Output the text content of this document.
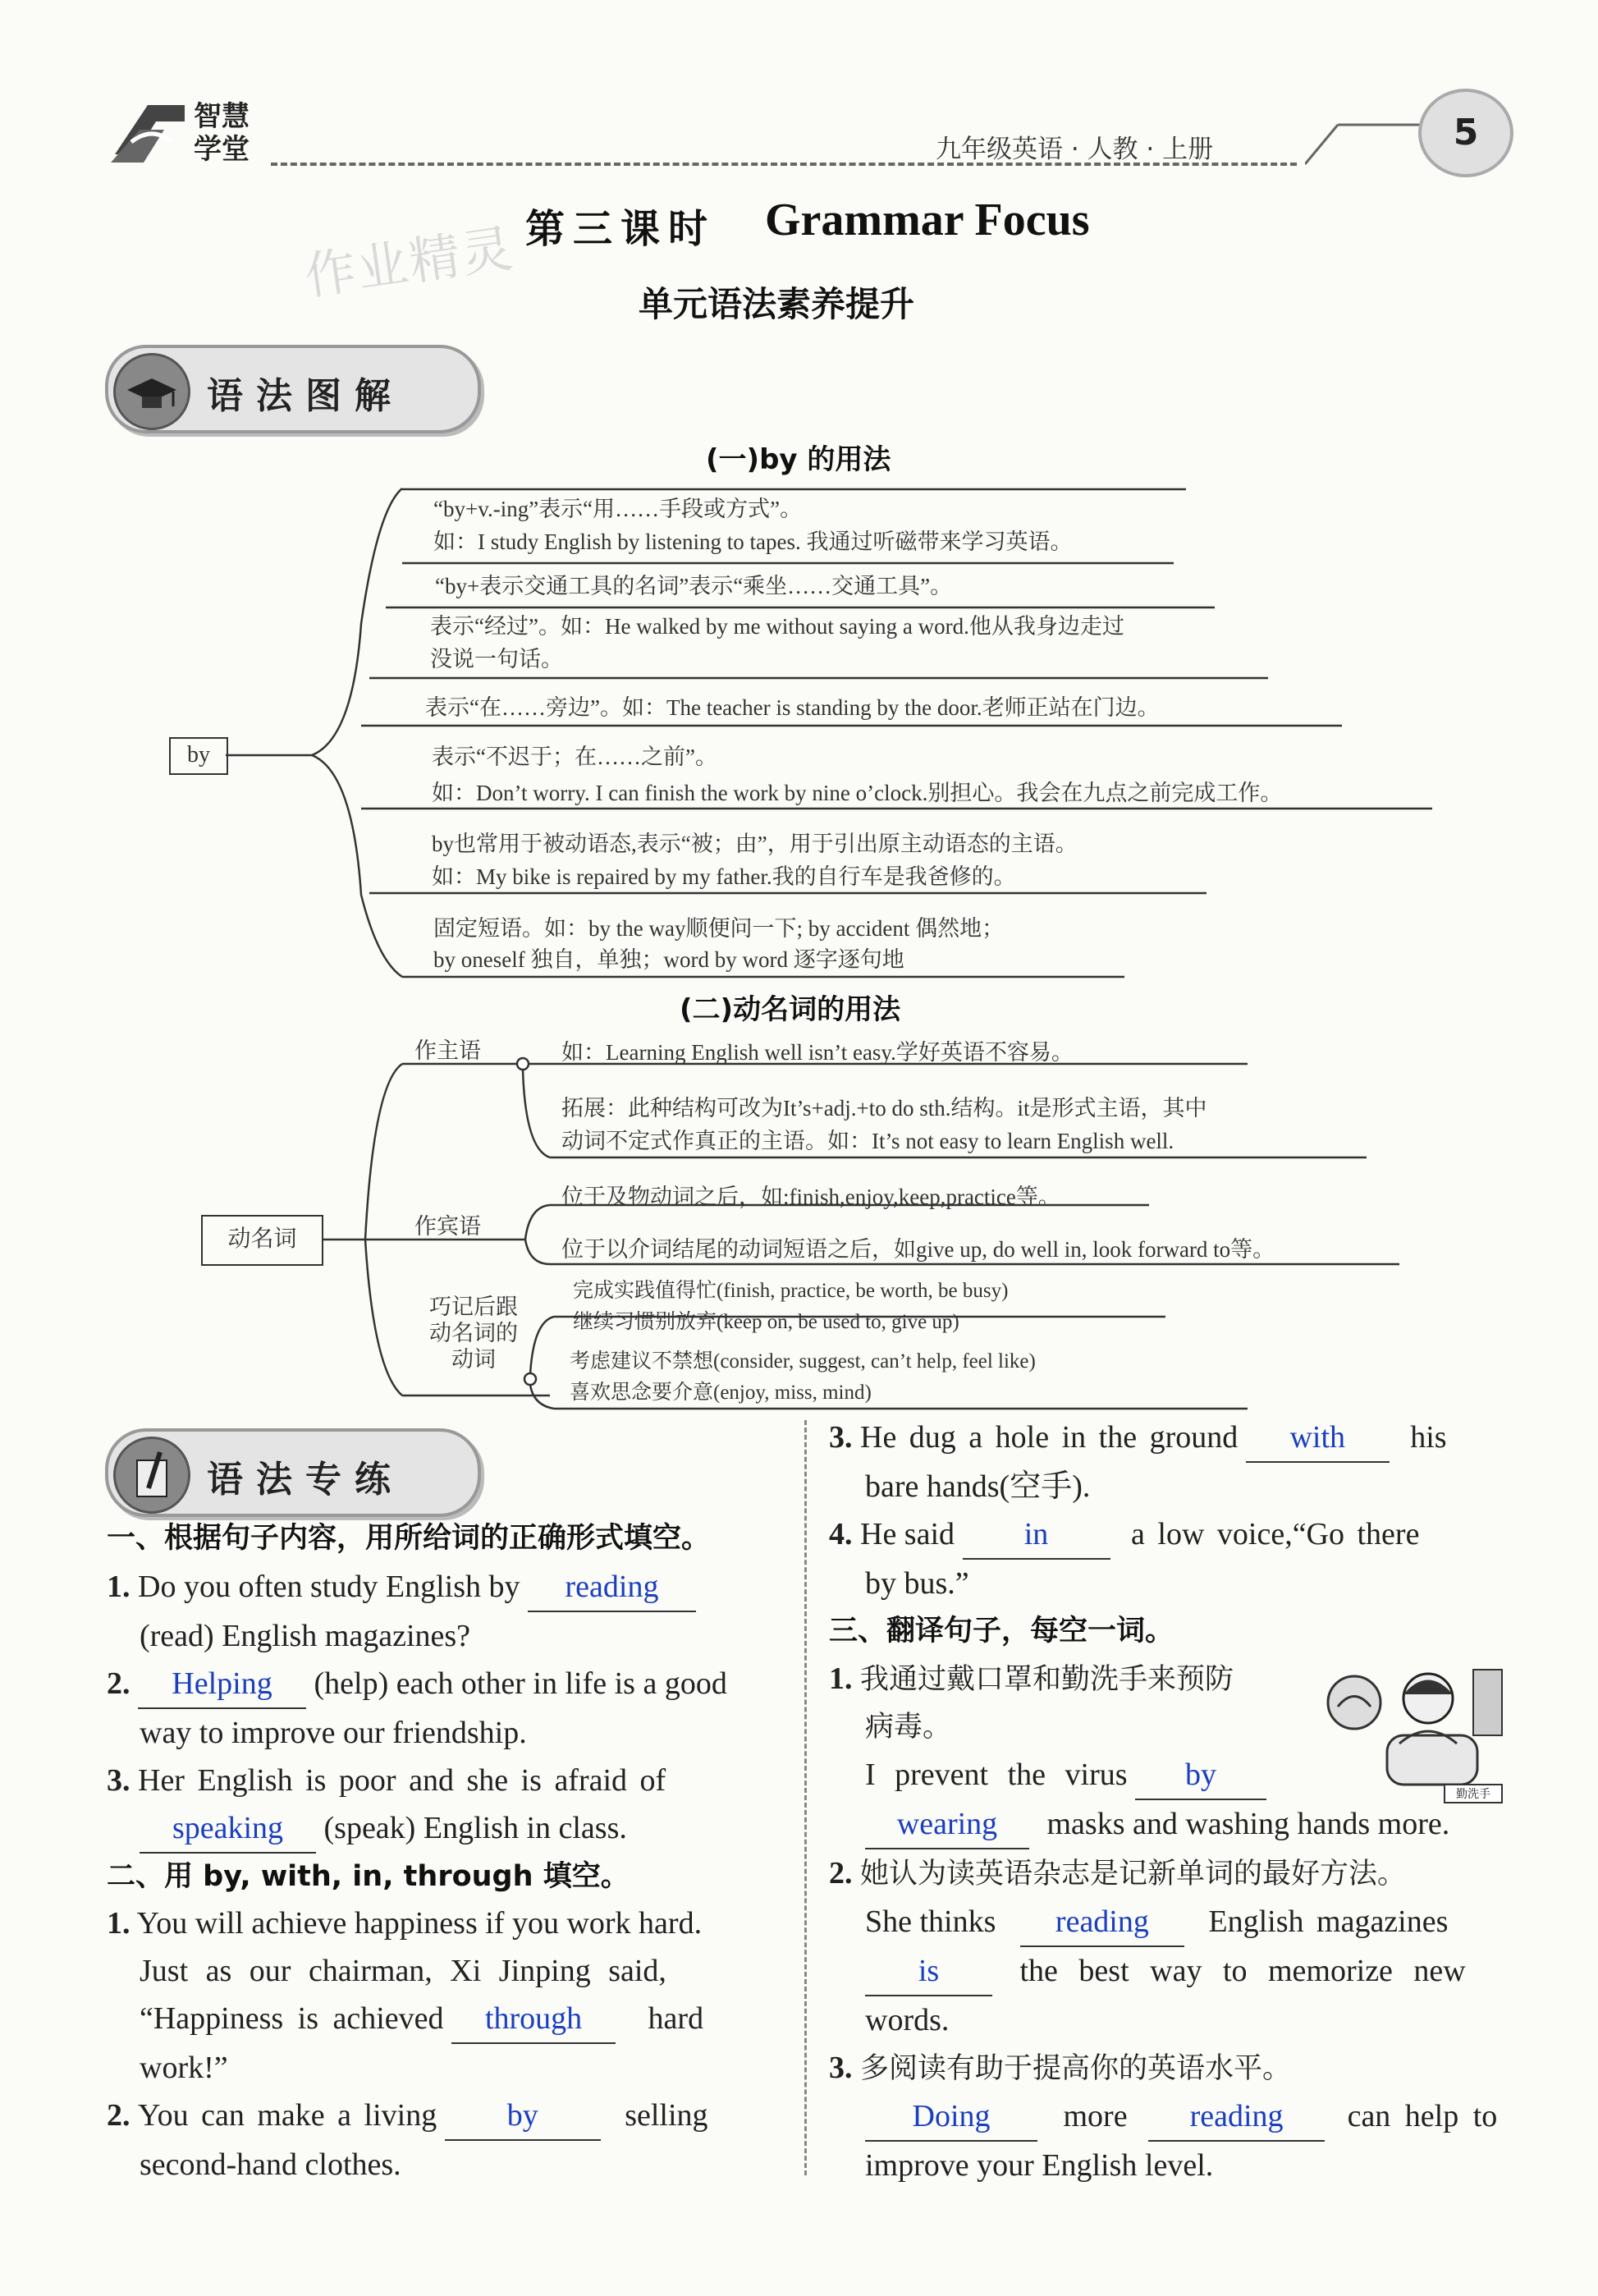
智慧学堂	九年级英语 · 人教 · 上册	5
作业精灵 第三课时 Grammar Focus
单元语法素养提升
语法图解
(一)by 的用法
by
“by+v.-ing”表示“用……手段或方式”。
如：I study English by listening to tapes. 我通过听磁带来学习英语。
“by+表示交通工具的名词”表示“乘坐……交通工具”。
表示“经过”。如：He walked by me without saying a word.他从我身边走过
没说一句话。
表示“在……旁边”。如：The teacher is standing by the door.老师正站在门边。
表示“不迟于；在……之前”。
如：Don’t worry. I can finish the work by nine o’clock.别担心。我会在九点之前完成工作。
by也常用于被动语态,表示“被；由”，用于引出原主动语态的主语。
如：My bike is repaired by my father.我的自行车是我爸修的。
固定短语。如：by the way顺便问一下; by accident 偶然地；
by oneself 独自，单独；word by word 逐字逐句地
(二)动名词的用法
动名词
作主语	如：Learning English well isn’t easy.学好英语不容易。
拓展：此种结构可改为It’s+adj.+to do sth.结构。it是形式主语，其中
动词不定式作真正的主语。如：It’s not easy to learn English well.
作宾语
位于及物动词之后，如:finish,enjoy,keep,practice等。
位于以介词结尾的动词短语之后，如give up, do well in, look forward to等。
巧记后跟动名词的动词
完成实践值得忙(finish, practice, be worth, be busy)
继续习惯别放弃(keep on, be used to, give up)
考虑建议不禁想(consider, suggest, can’t help, feel like)
喜欢思念要介意(enjoy, miss, mind)
语法专练
一、根据句子内容，用所给词的正确形式填空。
1. Do you often study English by reading
(read) English magazines?
2. Helping (help) each other in life is a good
way to improve our friendship.
3. Her English is poor and she is afraid of
speaking (speak) English in class.
二、用 by, with, in, through 填空。
1. You will achieve happiness if you work hard.
Just as our chairman, Xi Jinping said,
“Happiness is achieved through hard
work!”
2. You can make a living by	selling
second-hand clothes.
3. He dug a hole in the ground with his
bare hands(空手).
4. He said in	a low voice,“Go there
by bus.”
三、翻译句子，每空一词。
1. 我通过戴口罩和勤洗手来预防
病毒。
I prevent the virus by
wearing masks and washing hands more.
勤洗手
2. 她认为读英语杂志是记新单词的最好方法。
She thinks reading English magazines
is	the best way to memorize new
words.
3. 多阅读有助于提高你的英语水平。
Doing more reading can help to
improve your English level.
